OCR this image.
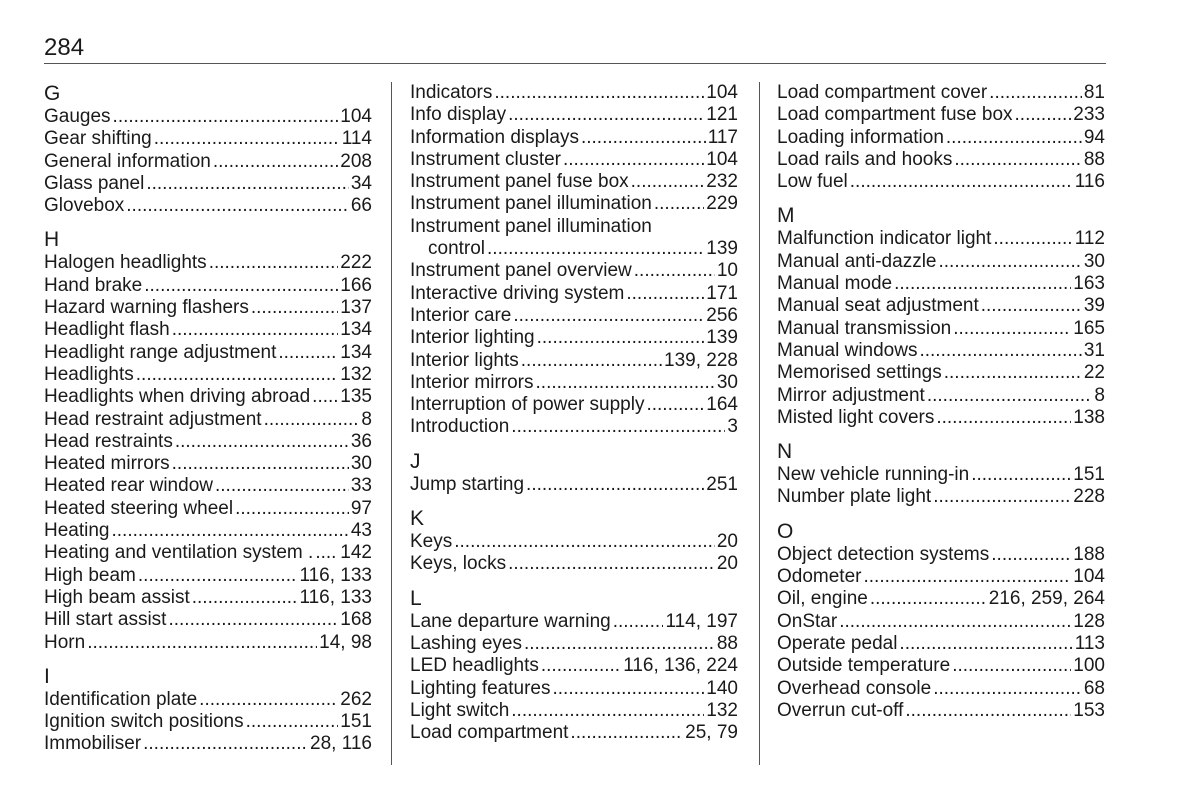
284
G
Gauges .....	104
Gear shifting .....	114
General information .....	208
Glass panel .....	34
Glovebox .....	66
H
Halogen headlights .....	222
Hand brake .....	166
Hazard warning flashers .....	137
Headlight flash .....	134
Headlight range adjustment .....	134
Headlights .....	132
Headlights when driving abroad ..... 135
Head restraint adjustment .....	8
Head restraints .....	36
Heated mirrors .....	30
Heated rear window .....	33
Heated steering wheel .....	97
Heating .....	43
Heating and ventilation system . ..... 142
High beam .....	116, 133
High beam assist .....	116, 133
Hill start assist .....	168
Horn .....	14, 98
I
Identification plate .....	262
Ignition switch positions .....	151
Immobiliser .....	28, 116
Indicators .....	104
Info display .....	121
Information displays .....	117
Instrument cluster .....	104
Instrument panel fuse box .....	232
Instrument panel illumination .....	229
Instrument panel illumination
control .....	139
Instrument panel overview .....	10
Interactive driving system .....	171
Interior care .....	256
Interior lighting .....	139
Interior lights .....	139, 228
Interior mirrors .....	30
Interruption of power supply .....	164
Introduction .....	3
J
Jump starting .....	251
K
Keys .....	20
Keys, locks .....	20
L
Lane departure warning .....	114, 197
Lashing eyes .....	88
LED headlights .....	116, 136, 224
Lighting features .....	140
Light switch .....	132
Load compartment .....	25, 79
Load compartment cover .....	81
Load compartment fuse box .....	233
Loading information .....	94
Load rails and hooks .....	88
Low fuel .....	116
M
Malfunction indicator light .....	112
Manual anti-dazzle .....	30
Manual mode .....	163
Manual seat adjustment .....	39
Manual transmission .....	165
Manual windows .....	31
Memorised settings .....	22
Mirror adjustment .....	8
Misted light covers .....	138
N
New vehicle running-in .....	151
Number plate light .....	228
O
Object detection systems .....	188
Odometer .....	104
Oil, engine .....	216, 259, 264
OnStar .....	128
Operate pedal .....	113
Outside temperature .....	100
Overhead console .....	68
Overrun cut-off .....	153
